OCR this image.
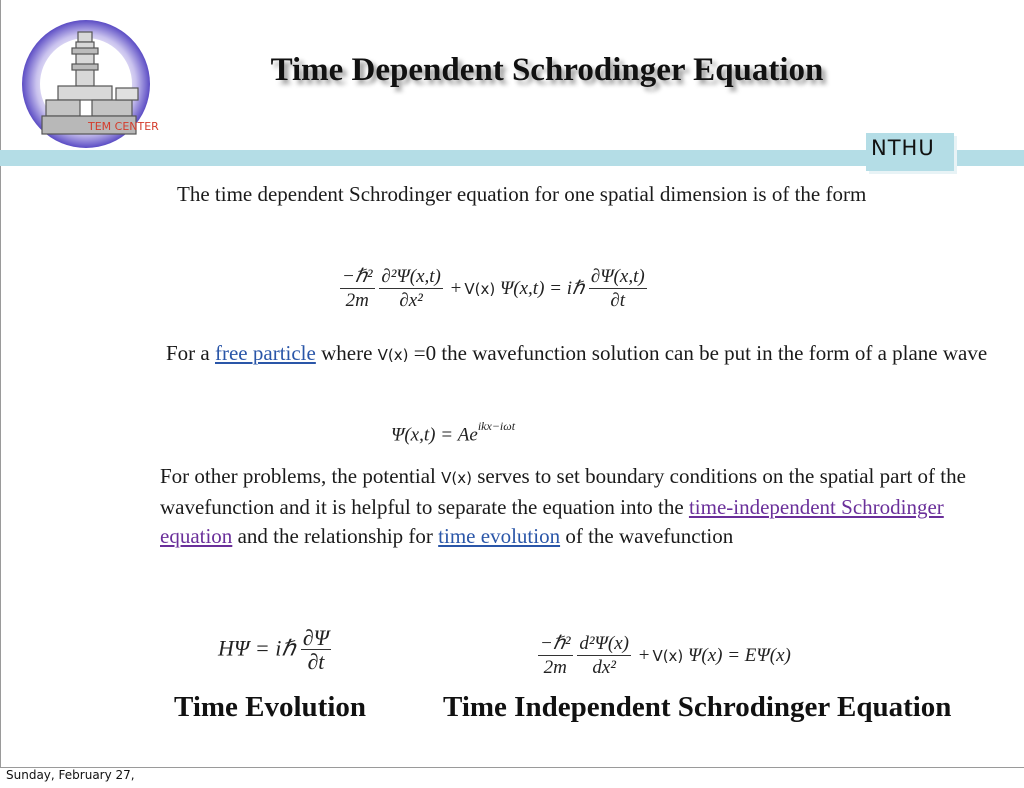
TEM CENTER
Time Dependent Schrodinger Equation
NTHU
The time dependent Schrodinger equation for one spatial dimension is of the form
$\frac{\text{−ℏ²}}{2m}$
$\frac{\text{∂²Ψ(x,t)}}{\text{∂x²}} + V(x) \Psi(x,t)$ = iℏ $\frac{\partial\Psi(x,t)}{\partial t}$
For a free particle where V(x) =0 the wavefunction solution can be put in the form of a plane wave
$\Psi(x,t) = Ae^{ikx-i\omega t}$
For other problems, the potential V(x) serves to set boundary conditions on the spatial part of the wavefunction and it is helpful to separate the equation into the time-independent Schrodinger equation and the relationship for time evolution of the wavefunction
HΨ = iℏ $\frac{\partial\Psi}{\partial t}$	$\frac{\text{−ℏ²}}{2m}$
$\frac{\text{d²Ψ(x)}}{\text{dx²}} + V(x) \Psi(x) = E\Psi(x)$
Time Evolution	Time Independent Schrodinger Equation
Sunday, February 27,
